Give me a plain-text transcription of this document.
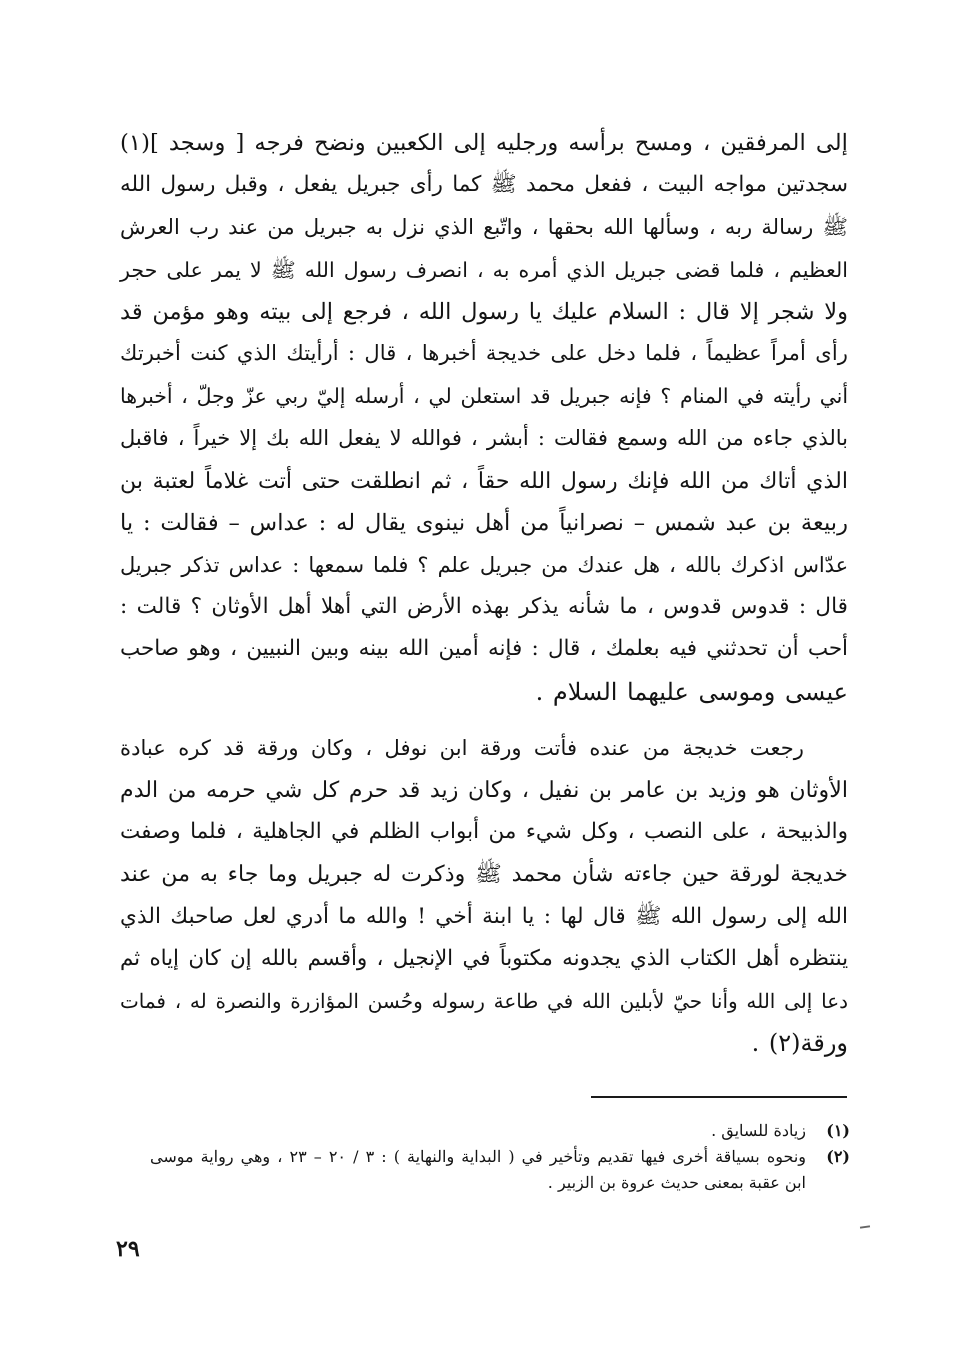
إلى المرفقين ، ومسح برأسه ورجليه إلى الكعبين ونضح فرجه [ وسجد ](١)
سجدتين مواجه البيت ، ففعل محمد ﷺ كما رأى جبريل يفعل ، وقبل رسول الله
ﷺ رسالة ربه ، وسألها الله بحقها ، واتّبع الذي نزل به جبريل من عند رب العرش
العظيم ، فلما قضى جبريل الذي أمره به ، انصرف رسول الله ﷺ لا يمر على حجر
ولا شجر إلا قال : السلام عليك يا رسول الله ، فرجع إلى بيته وهو مؤمن قد
رأى أمراً عظيماً ، فلما دخل على خديجة أخبرها ، قال : أرأيتك الذي كنت أخبرتك
أني رأيته في المنام ؟ فإنه جبريل قد استعلن لي ، أرسله إليّ ربي عزّ وجلّ ، أخبرها
بالذي جاءه من الله وسمع فقالت : أبشر ، فوالله لا يفعل الله بك إلا خيراً ، فاقبل
الذي أتاك من الله فإنك رسول الله حقاً ، ثم انطلقت حتى أتت غلاماً لعتبة بن
ربيعة بن عبد شمس – نصرانياً من أهل نينوى يقال له : عداس – فقالت : يا
عدّاس اذكرك بالله ، هل عندك من جبريل علم ؟ فلما سمعها : عداس تذكر جبريل
قال : قدوس قدوس ، ما شأنه يذكر بهذه الأرض التي أهلا أهل الأوثان ؟ قالت :
أحب أن تحدثني فيه بعلمك ، قال : فإنه أمين الله بينه وبين النبيين ، وهو صاحب
عيسى وموسى عليهما السلام .

رجعت خديجة من عنده فأتت ورقة ابن نوفل ، وكان ورقة قد كره عبادة
الأوثان هو وزيد بن عامر بن نفيل ، وكان زيد قد حرم كل شي حرمه من الدم
والذبيحة ، على النصب ، وكل شيء من أبواب الظلم في الجاهلية ، فلما وصفت
خديجة لورقة حين جاءته شأن محمد ﷺ وذكرت له جبريل وما جاء به من عند
الله إلى رسول الله ﷺ قال لها : يا ابنة أخي ! والله ما أدري لعل صاحبك الذي
ينتظره أهل الكتاب الذي يجدونه مكتوباً في الإنجيل ، وأقسم بالله إن كان إياه ثم
دعا إلى الله وأنا حيّ لأبلين الله في طاعة رسوله وحُسن المؤازرة والنصرة له ، فمات
ورقة(٢) .

(١)
زيادة للسايق .
(٢)
ونحوه بسياقة أخرى فيها تقديم وتأخير في ( البداية والنهاية ) : ٣ / ٢٠ – ٢٣ ، وهي رواية موسى
ابن عقبة بمعنى حديث عروة بن الزبير .
٢٩
